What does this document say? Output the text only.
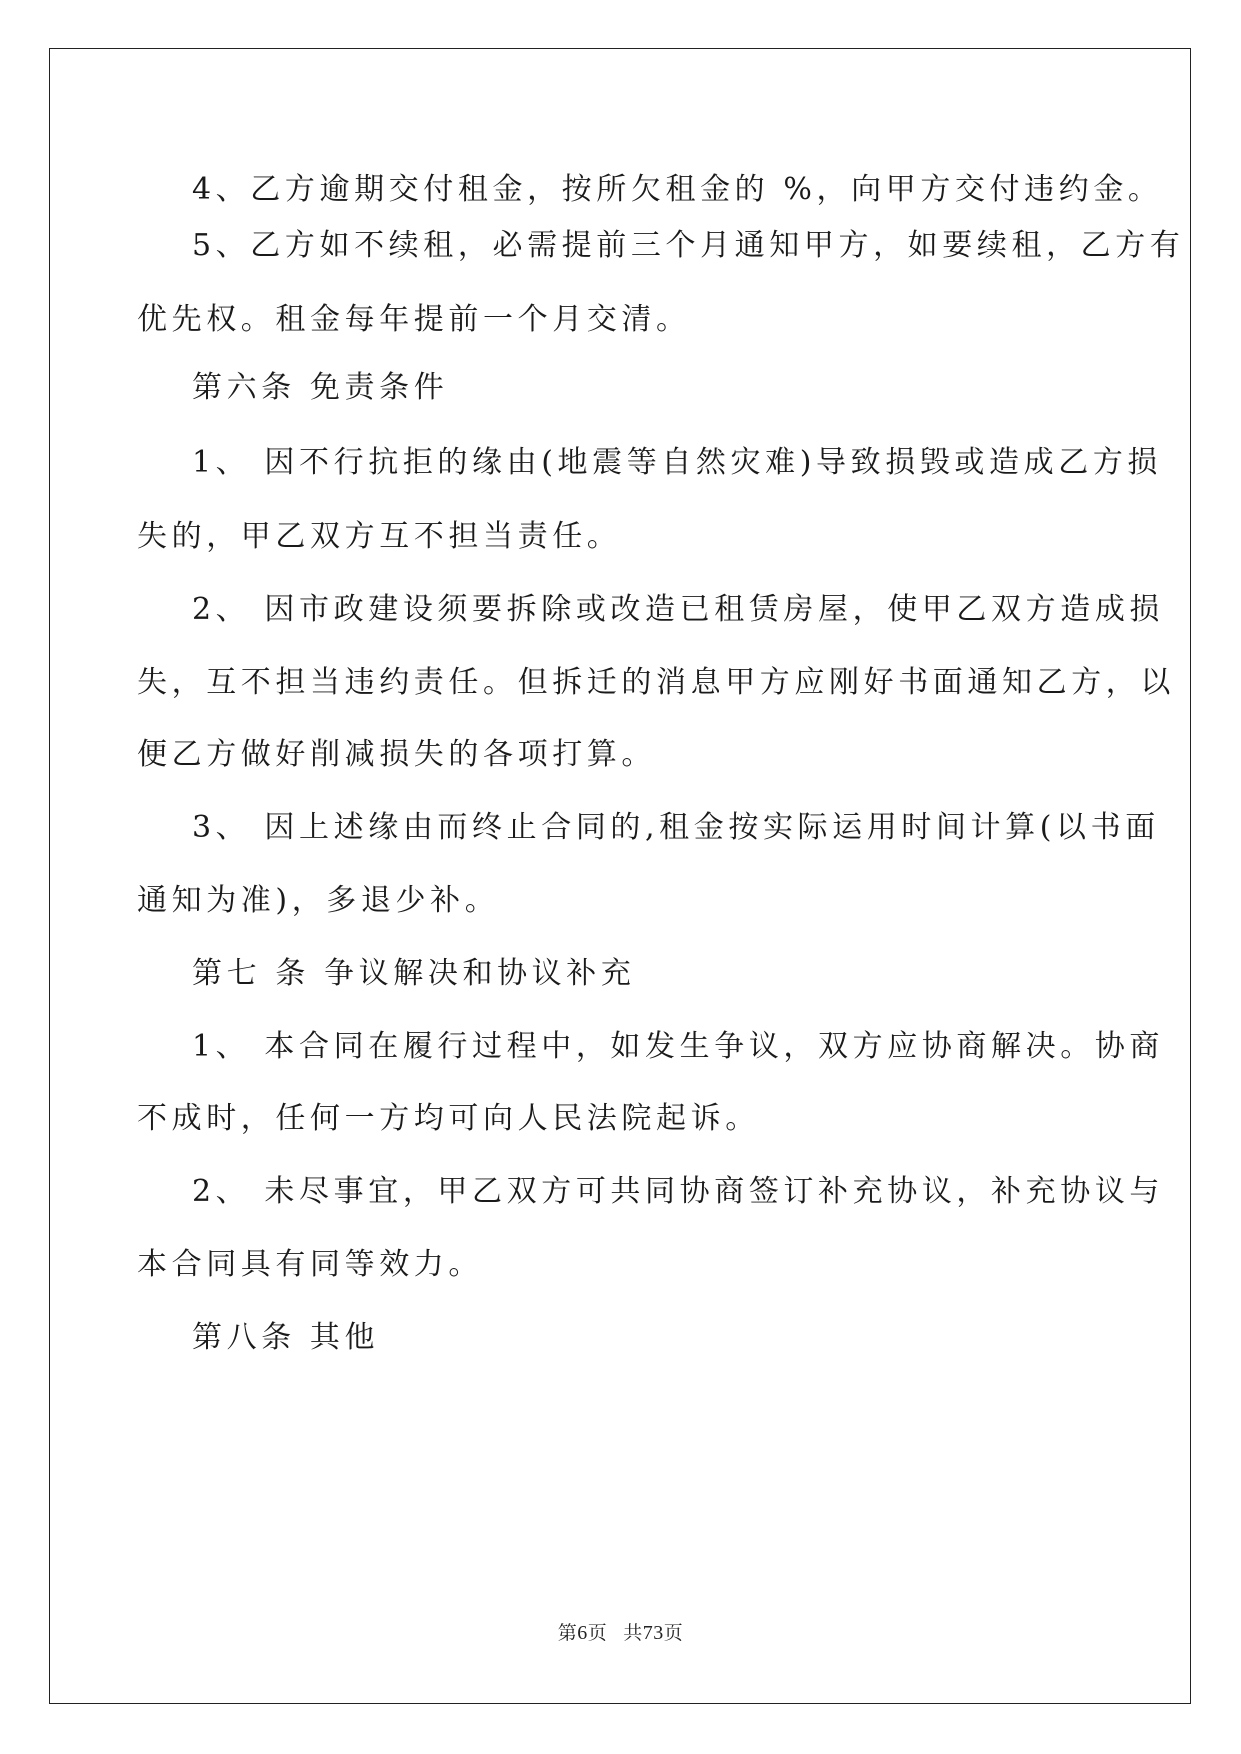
4、乙方逾期交付租金，按所欠租金的 %，向甲方交付违约金。
5、乙方如不续租，必需提前三个月通知甲方，如要续租，乙方有
优先权。租金每年提前一个月交清。
第六条 免责条件
1、 因不行抗拒的缘由(地震等自然灾难)导致损毁或造成乙方损
失的，甲乙双方互不担当责任。
2、 因市政建设须要拆除或改造已租赁房屋，使甲乙双方造成损
失，互不担当违约责任。但拆迁的消息甲方应刚好书面通知乙方，以
便乙方做好削减损失的各项打算。
3、 因上述缘由而终止合同的,租金按实际运用时间计算(以书面
通知为准)，多退少补。
第七 条 争议解决和协议补充
1、 本合同在履行过程中，如发生争议，双方应协商解决。协商
不成时，任何一方均可向人民法院起诉。
2、 未尽事宜，甲乙双方可共同协商签订补充协议，补充协议与
本合同具有同等效力。
第八条 其他
第6页 共73页
